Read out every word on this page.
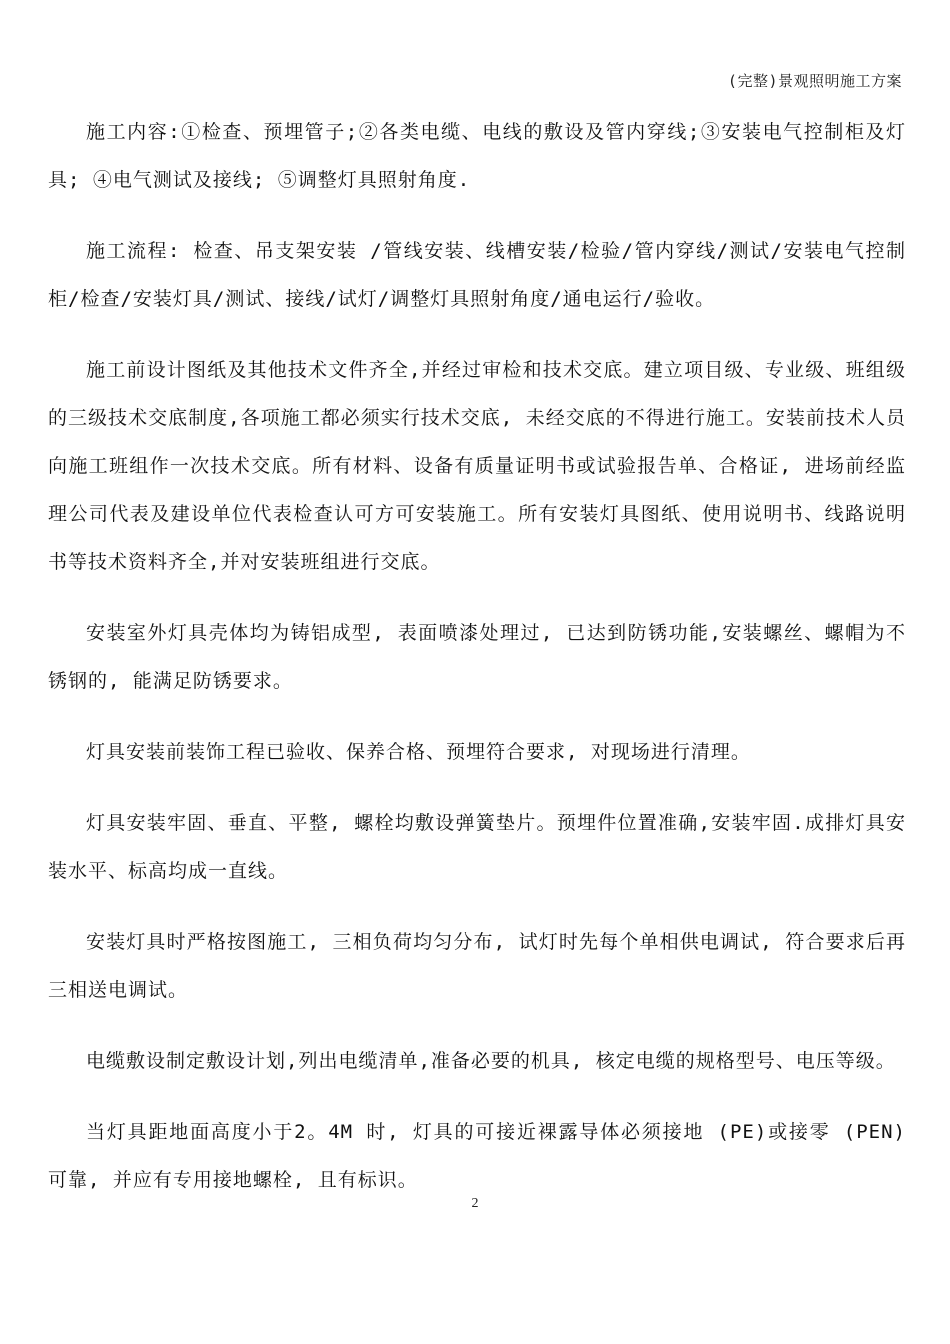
(完整)景观照明施工方案

施工内容:①检查、预埋管子;②各类电缆、电线的敷设及管内穿线;③安装电气控制柜及灯具; ④电气测试及接线; ⑤调整灯具照射角度.

施工流程: 检查、吊支架安装 /管线安装、线槽安装/检验/管内穿线/测试/安装电气控制柜/检查/安装灯具/测试、接线/试灯/调整灯具照射角度/通电运行/验收。

施工前设计图纸及其他技术文件齐全,并经过审检和技术交底。建立项目级、专业级、班组级的三级技术交底制度,各项施工都必须实行技术交底, 未经交底的不得进行施工。安装前技术人员向施工班组作一次技术交底。所有材料、设备有质量证明书或试验报告单、合格证, 进场前经监理公司代表及建设单位代表检查认可方可安装施工。所有安装灯具图纸、使用说明书、线路说明书等技术资料齐全,并对安装班组进行交底。

安装室外灯具壳体均为铸铝成型, 表面喷漆处理过, 已达到防锈功能,安装螺丝、螺帽为不锈钢的, 能满足防锈要求。

灯具安装前装饰工程已验收、保养合格、预埋符合要求, 对现场进行清理。

灯具安装牢固、垂直、平整, 螺栓均敷设弹簧垫片。预埋件位置准确,安装牢固.成排灯具安装水平、标高均成一直线。

安装灯具时严格按图施工, 三相负荷均匀分布, 试灯时先每个单相供电调试, 符合要求后再三相送电调试。

电缆敷设制定敷设计划,列出电缆清单,准备必要的机具, 核定电缆的规格型号、电压等级。

当灯具距地面高度小于2。4M 时, 灯具的可接近裸露导体必须接地 (PE)或接零 (PEN) 可靠, 并应有专用接地螺栓, 且有标识。

2
